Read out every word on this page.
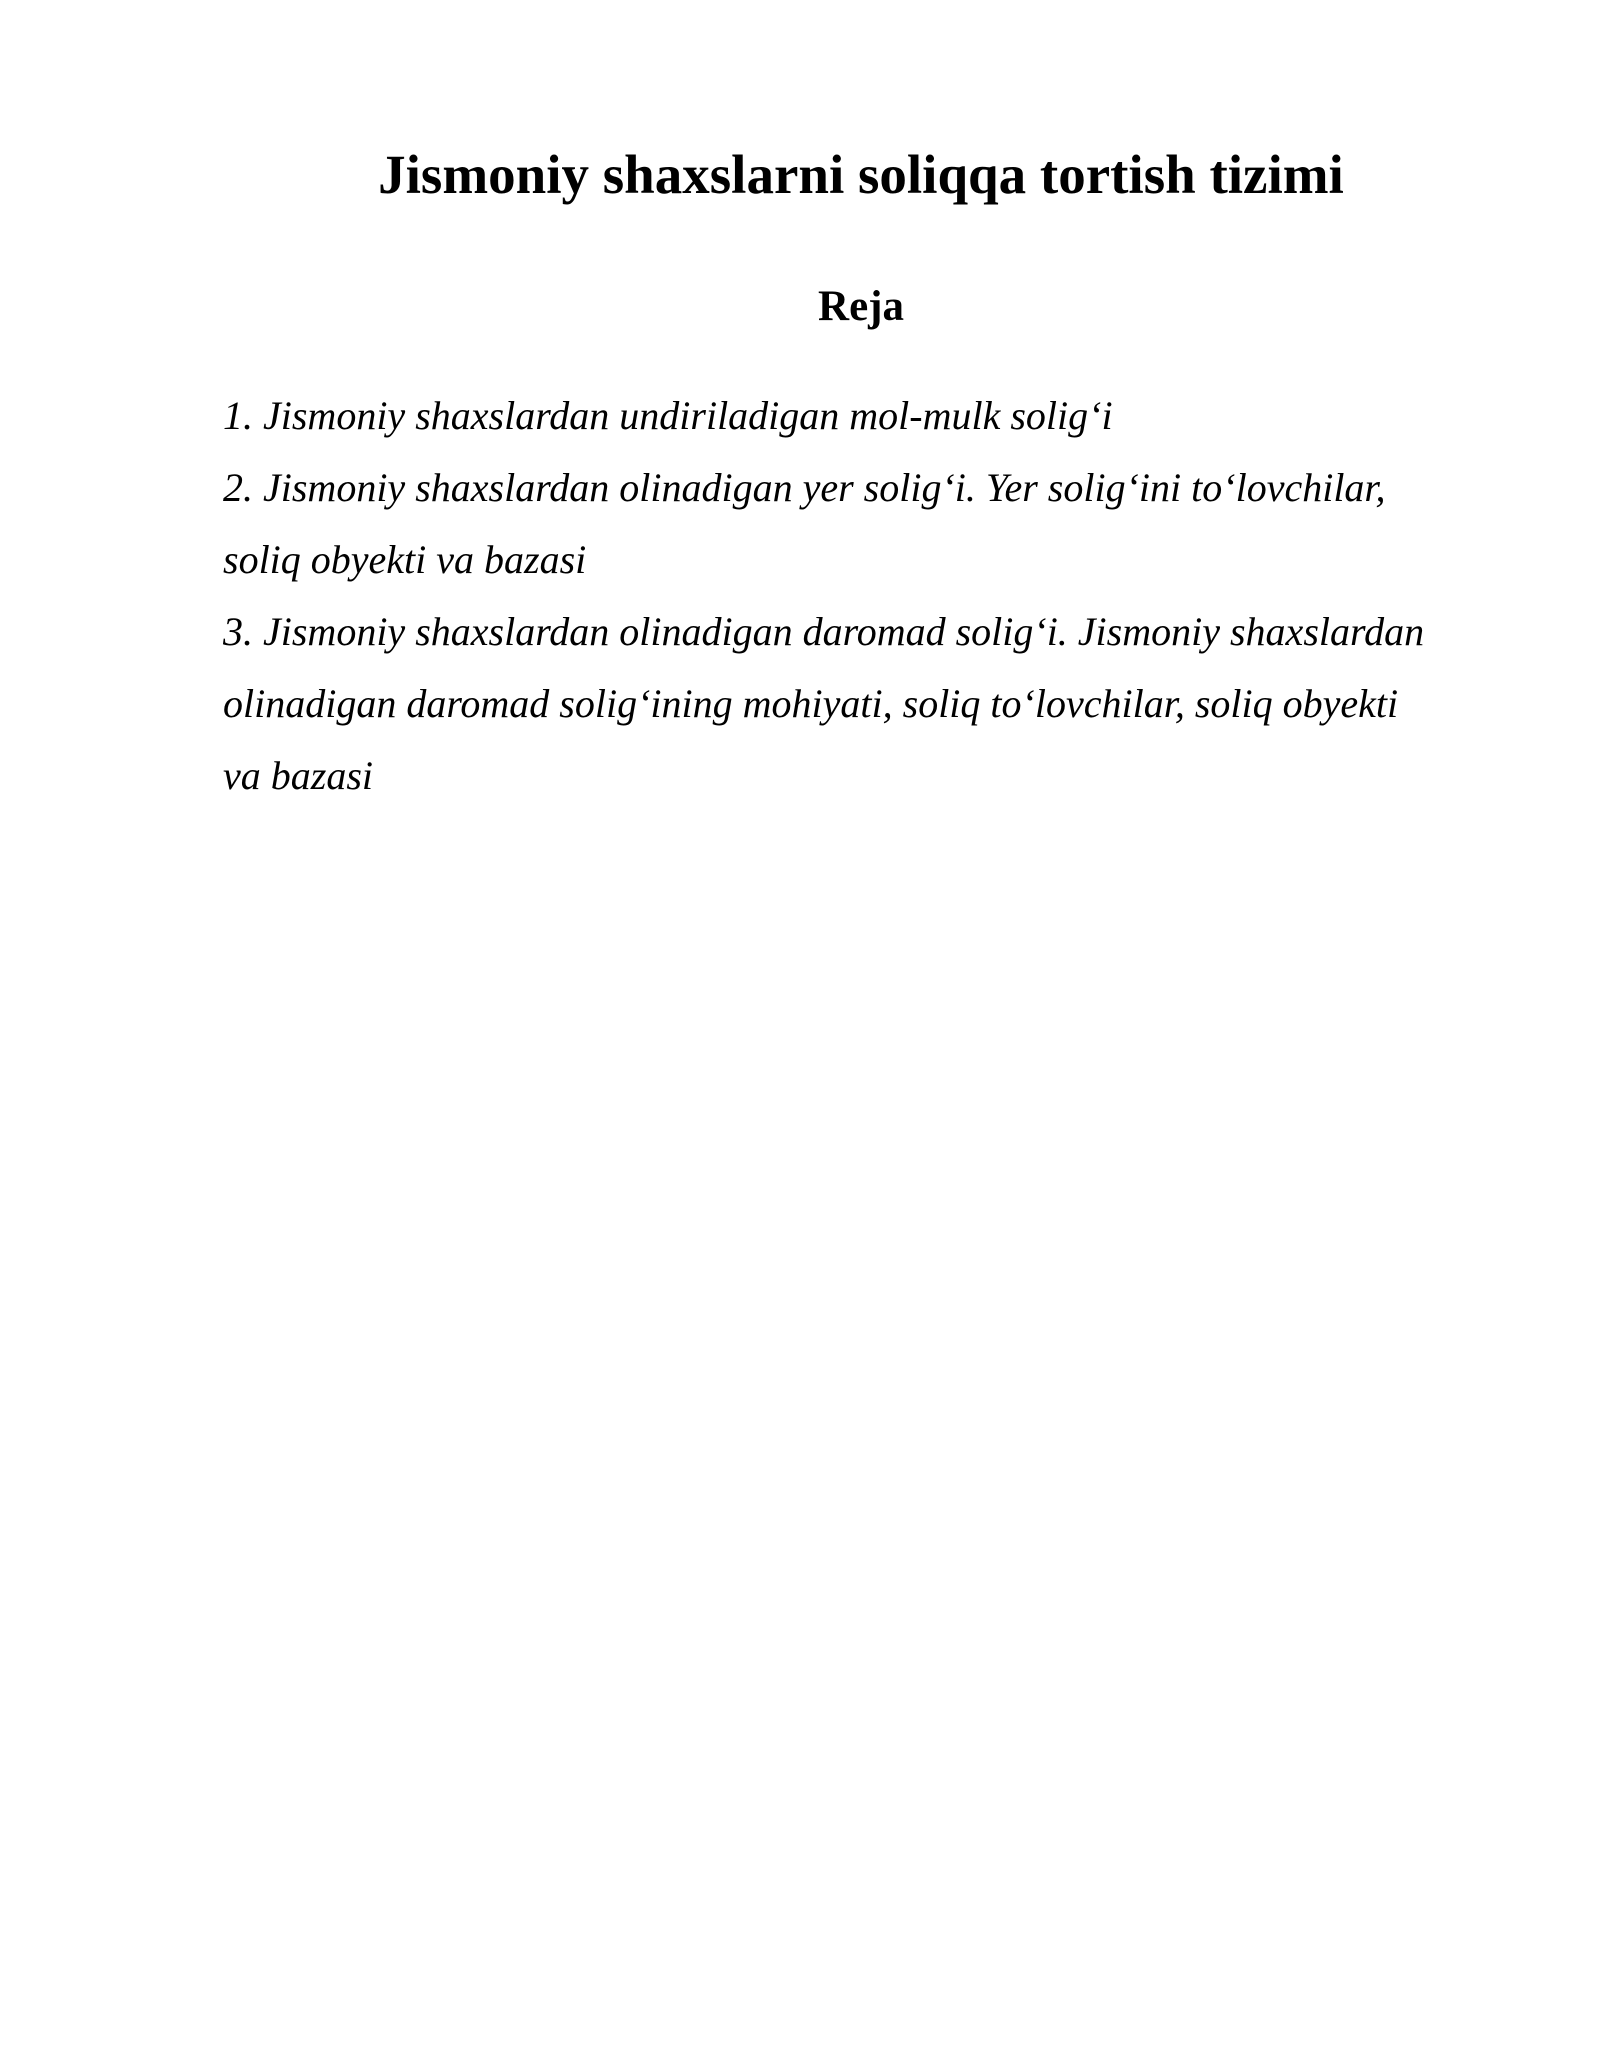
Jismoniy shaxslarni soliqqa tortish tizimi
Reja
1. Jismoniy shaxslardan undiriladigan mol-mulk solig‘i
2. Jismoniy shaxslardan olinadigan yer solig‘i. Yer solig‘ini to‘lovchilar,
soliq obyekti va bazasi
3. Jismoniy shaxslardan olinadigan daromad solig‘i. Jismoniy shaxslardan
olinadigan daromad solig‘ining mohiyati, soliq to‘lovchilar, soliq obyekti
va bazasi
